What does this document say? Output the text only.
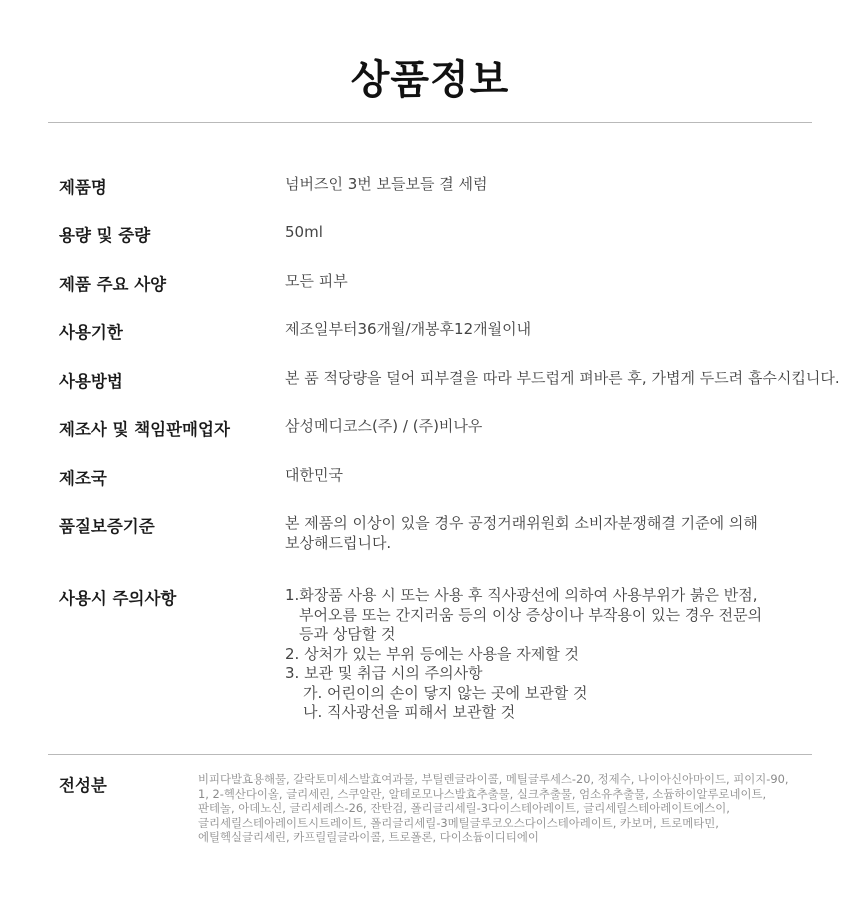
상품정보
제품명	넘버즈인 3번 보들보들 결 세럼
용량 및 중량	50ml
제품 주요 사양	모든 피부
사용기한	제조일부터36개월/개봉후12개월이내
사용방법	본 품 적당량을 덜어 피부결을 따라 부드럽게 펴바른 후, 가볍게 두드려 흡수시킵니다.
제조사 및 책임판매업자	삼성메디코스(주) / (주)비나우
제조국	대한민국
품질보증기준	본 제품의 이상이 있을 경우 공정거래위원회 소비자분쟁해결 기준에 의해
보상해드립니다.
사용시 주의사항	1.화장품 사용 시 또는 사용 후 직사광선에 의하여 사용부위가 붉은 반점,
부어오름 또는 간지러움 등의 이상 증상이나 부작용이 있는 경우 전문의
등과 상담할 것
2. 상처가 있는 부위 등에는 사용을 자제할 것
3. 보관 및 취급 시의 주의사항
가. 어린이의 손이 닿지 않는 곳에 보관할 것
나. 직사광선을 피해서 보관할 것
전성분	비피다발효용해물, 갈락토미세스발효여과물, 부틸렌글라이콜, 메틸글루세스-20, 정제수, 나이아신아마이드, 피이지-90,
1, 2-헥산다이올, 글리세린, 스쿠알란, 알테로모나스발효추출물, 실크추출물, 엄소유추출물, 소듐하이알루로네이트,
판테놀, 아데노신, 글리세레스-26, 잔탄검, 폴리글리세릴-3다이스테아레이트, 글리세릴스테아레이트에스이,
글리세릴스테아레이트시트레이트, 폴리글리세릴-3메틸글루코오스다이스테아레이트, 카보머, 트로메타민,
에틸헥실글리세린, 카프릴릴글라이콜, 트로폴론, 다이소듐이디티에이
